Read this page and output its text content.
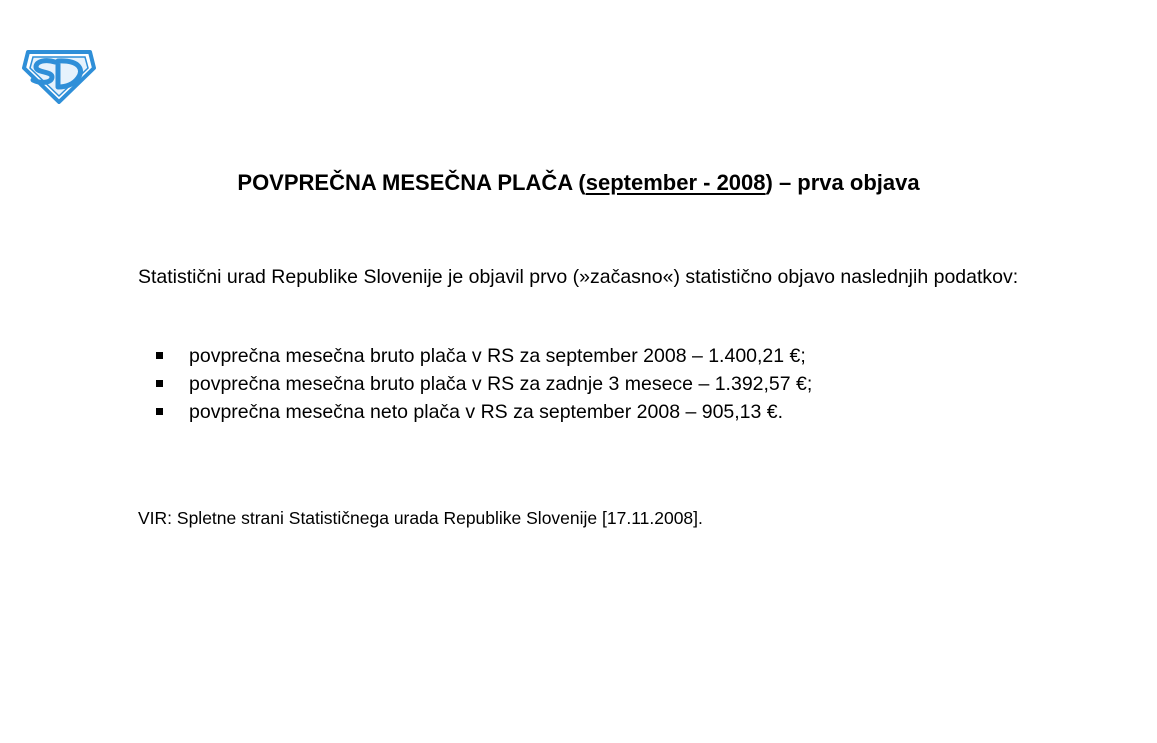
POVPREČNA MESEČNA PLAČA (september - 2008) – prva objava

Statistični urad Republike Slovenije je objavil prvo (»začasno«) statistično objavo naslednjih podatkov:

povprečna mesečna bruto plača v RS za september 2008 – 1.400,21 €;
povprečna mesečna bruto plača v RS za zadnje 3 mesece – 1.392,57 €;
povprečna mesečna neto plača v RS za september 2008 – 905,13 €.

VIR: Spletne strani Statističnega urada Republike Slovenije [17.11.2008].
